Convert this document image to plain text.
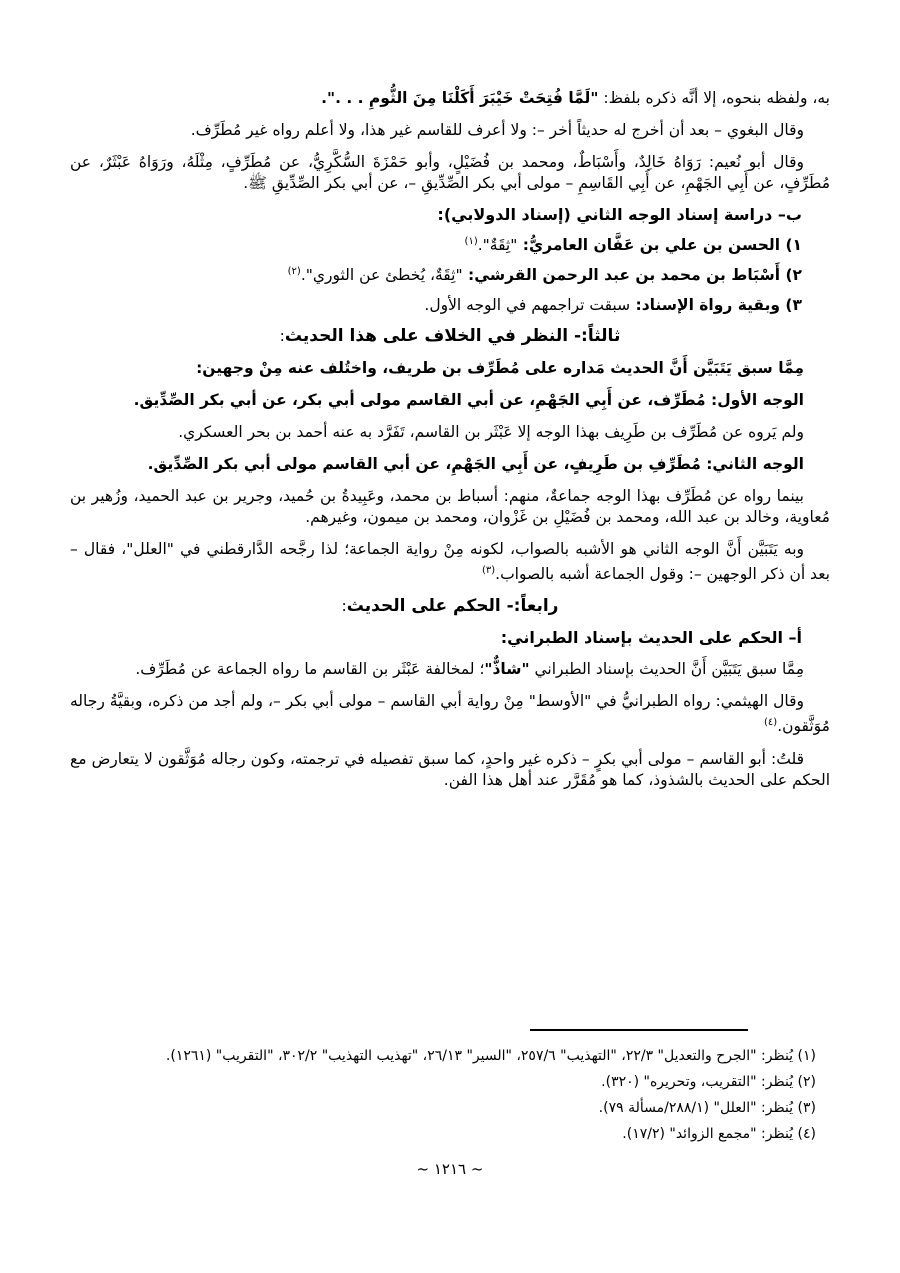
به، ولفظه بنحوه، إلا أنَّه ذكره بلفظ: "لَمَّا فُتِحَتْ خَيْبَرَ أَكَلْنَا مِنَ الثُّومِ . . .".
وقال البغوي – بعد أن أخرج له حديثاً أخر –: ولا أعرف للقاسم غير هذا، ولا أعلم رواه غير مُطَرِّف.
وقال أبو نُعيم: رَوَاهُ خَالِدٌ، وأَسْبَاطٌ، ومحمد بن فُضَيْلٍ، وأبو حَمْزَةَ السُّكَّرِيُّ، عن مُطَرِّفٍ، مِثْلَهُ، ورَوَاهُ عَبْثَرٌ، عن مُطَرِّفٍ، عن أَبِي الجَهْمِ، عن أَبِي القَاسِمِ – مولى أبي بكر الصِّدِّيقِ –، عن أبي بكر الصِّدِّيقِ ﷺ.
ب– دراسة إسناد الوجه الثاني (إسناد الدولابي):
١) الحسن بن علي بن عَفَّان العامريُّ: "ثِقَةٌ".$^{(١)}$
٢) أَسْبَاط بن محمد بن عبد الرحمن القرشي: "ثِقَةٌ، يُخطئ عن الثوري".$^{(٢)}$
٣) وبقية رواة الإسناد: سبقت تراجمهم في الوجه الأول.
ثالثاً:- النظر في الخلاف على هذا الحديث:
مِمَّا سبق يَتَبَيَّن أَنَّ الحديث مَداره على مُطَرِّف بن طريف، واختُلف عنه مِنْ وجهين:
الوجه الأول: مُطَرِّف، عن أَبِي الجَهْمِ، عن أبي القاسم مولى أبي بكر، عن أبي بكر الصِّدِّيق.
ولم يَروه عن مُطَرِّف بن طَرِيف بهذا الوجه إلا عَبْثَر بن القاسم، تَفَرَّد به عنه أحمد بن بحر العسكري.
الوجه الثاني: مُطَرِّفِ بن طَرِيفٍ، عن أَبِي الجَهْمِ، عن أبي القاسم مولى أبي بكر الصِّدِّيق.
بينما رواه عن مُطَرِّف بهذا الوجه جماعةٌ، منهم: أسباط بن محمد، وعَبِيدةُ بن حُميد، وجرير بن عبد الحميد، وزُهير بن مُعاوية، وخالد بن عبد الله، ومحمد بن فُضَيْلِ بن غَزْوان، ومحمد بن ميمون، وغيرهم.
وبه يَتَبَيَّن أَنَّ الوجه الثاني هو الأشبه بالصواب، لكونه مِنْ رواية الجماعة؛ لذا رجَّحه الدَّارقطني في "العلل"، فقال – بعد أن ذكر الوجهين –: وقول الجماعة أشبه بالصواب.$^{(٣)}$
رابعاً:- الحكم على الحديث:
أ– الحكم على الحديث بإسناد الطبراني:
مِمَّا سبق يَتَبَيَّن أَنَّ الحديث بإسناد الطبراني "شاذٌّ"؛ لمخالفة عَبْثَر بن القاسم ما رواه الجماعة عن مُطَرِّف.
وقال الهيثمي: رواه الطبرانيُّ في "الأوسط" مِنْ رواية أبي القاسم – مولى أبي بكر –، ولم أجد من ذكره، وبقيَّةُ رجاله مُوَثَّقون.$^{(٤)}$
قلتُ: أبو القاسم – مولى أبي بكرٍ – ذكره غير واحدٍ، كما سبق تفصيله في ترجمته، وكون رجاله مُوَثَّقون لا يتعارض مع الحكم على الحديث بالشذوذ، كما هو مُقَرَّر عند أهل هذا الفن.
(١) يُنظر: "الجرح والتعديل" ٢٢/٣، "التهذيب" ٢٥٧/٦، "السير" ٢٦/١٣، "تهذيب التهذيب" ٣٠٢/٢، "التقريب" (١٢٦١).
(٢) يُنظر: "التقريب، وتحريره" (٣٢٠).
(٣) يُنظر: "العلل" (٢٨٨/١/مسألة ٧٩).
(٤) يُنظر: "مجمع الزوائد" (١٧/٢).
~ ١٢١٦ ~
